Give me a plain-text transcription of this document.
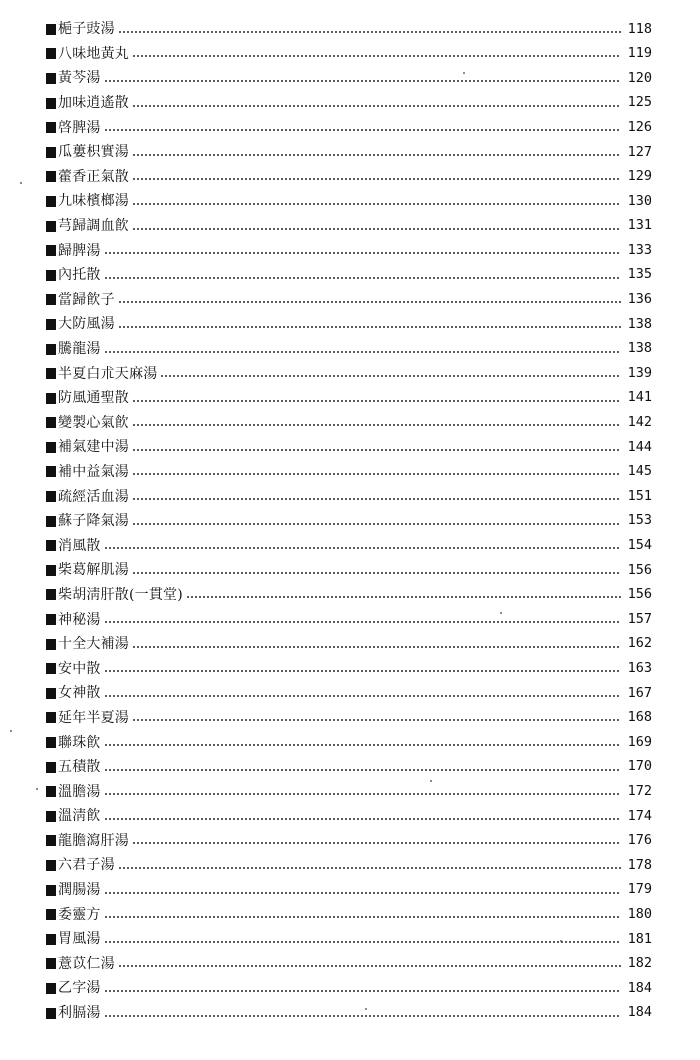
梔子豉湯	118
八味地黃丸	119
黃芩湯	120
加味逍遙散	125
啓脾湯	126
瓜蔞枳實湯	127
藿香正氣散	129
九味檳榔湯	130
芎歸調血飮	131
歸脾湯	133
內托散	135
當歸飮子	136
大防風湯	138
騰龍湯	138
半夏白朮天麻湯	139
防風通聖散	141
變製心氣飮	142
補氣建中湯	144
補中益氣湯	145
疏經活血湯	151
蘇子降氣湯	153
消風散	154
柴葛解肌湯	156
柴胡淸肝散(一貫堂)	156
神秘湯	157
十全大補湯	162
安中散	163
女神散	167
延年半夏湯	168
聯珠飮	169
五積散	170
溫膽湯	172
溫淸飮	174
龍膽瀉肝湯	176
六君子湯	178
潤腸湯	179
委靈方	180
胃風湯	181
薏苡仁湯	182
乙字湯	184
利膈湯	184
